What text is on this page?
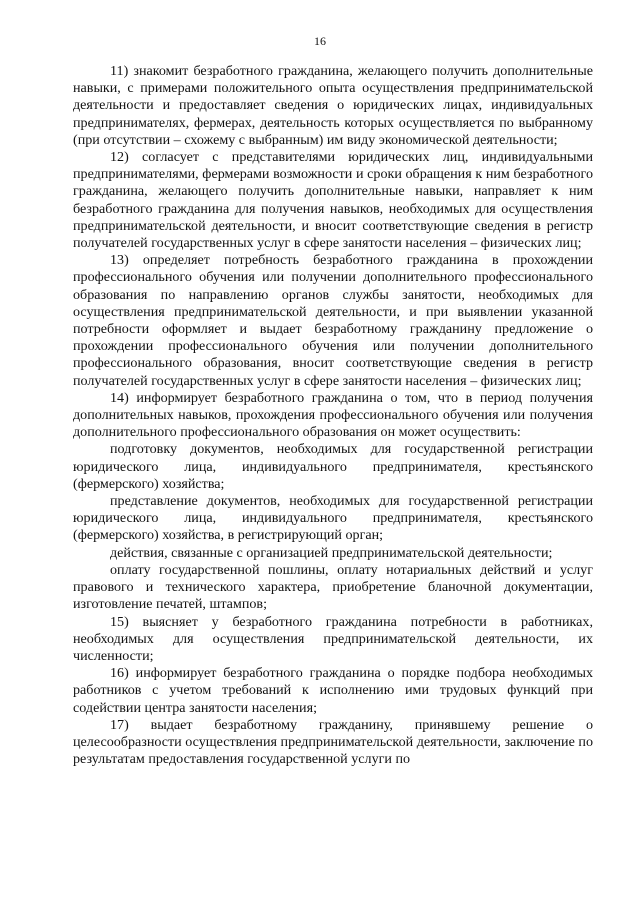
16

11) знакомит безработного гражданина, желающего получить дополнительные навыки, с примерами положительного опыта осуществления предпринимательской деятельности и предоставляет сведения о юридических лицах, индивидуальных предпринимателях, фермерах, деятельность которых осуществляется по выбранному (при отсутствии – схожему с выбранным) им виду экономической деятельности;

12) согласует с представителями юридических лиц, индивидуальными предпринимателями, фермерами возможности и сроки обращения к ним безработного гражданина, желающего получить дополнительные навыки, направляет к ним безработного гражданина для получения навыков, необходимых для осуществления предпринимательской деятельности, и вносит соответствующие сведения в регистр получателей государственных услуг в сфере занятости населения – физических лиц;

13) определяет потребность безработного гражданина в прохождении профессионального обучения или получении дополнительного профессионального образования по направлению органов службы занятости, необходимых для осуществления предпринимательской деятельности, и при выявлении указанной потребности оформляет и выдает безработному гражданину предложение о прохождении профессионального обучения или получении дополнительного профессионального образования, вносит соответствующие сведения в регистр получателей государственных услуг в сфере занятости населения – физических лиц;

14) информирует безработного гражданина о том, что в период получения дополнительных навыков, прохождения профессионального обучения или получения дополнительного профессионального образования он может осуществить:

подготовку документов, необходимых для государственной регистрации юридического лица, индивидуального предпринимателя, крестьянского (фермерского) хозяйства;

представление документов, необходимых для государственной регистрации юридического лица, индивидуального предпринимателя, крестьянского (фермерского) хозяйства, в регистрирующий орган;

действия, связанные с организацией предпринимательской деятельности;

оплату государственной пошлины, оплату нотариальных действий и услуг правового и технического характера, приобретение бланочной документации, изготовление печатей, штампов;

15) выясняет у безработного гражданина потребности в работниках, необходимых для осуществления предпринимательской деятельности, их численности;

16) информирует безработного гражданина о порядке подбора необходимых работников с учетом требований к исполнению ими трудовых функций при содействии центра занятости населения;

17) выдает безработному гражданину, принявшему решение о целесообразности осуществления предпринимательской деятельности, заключение по результатам предоставления государственной услуги по
